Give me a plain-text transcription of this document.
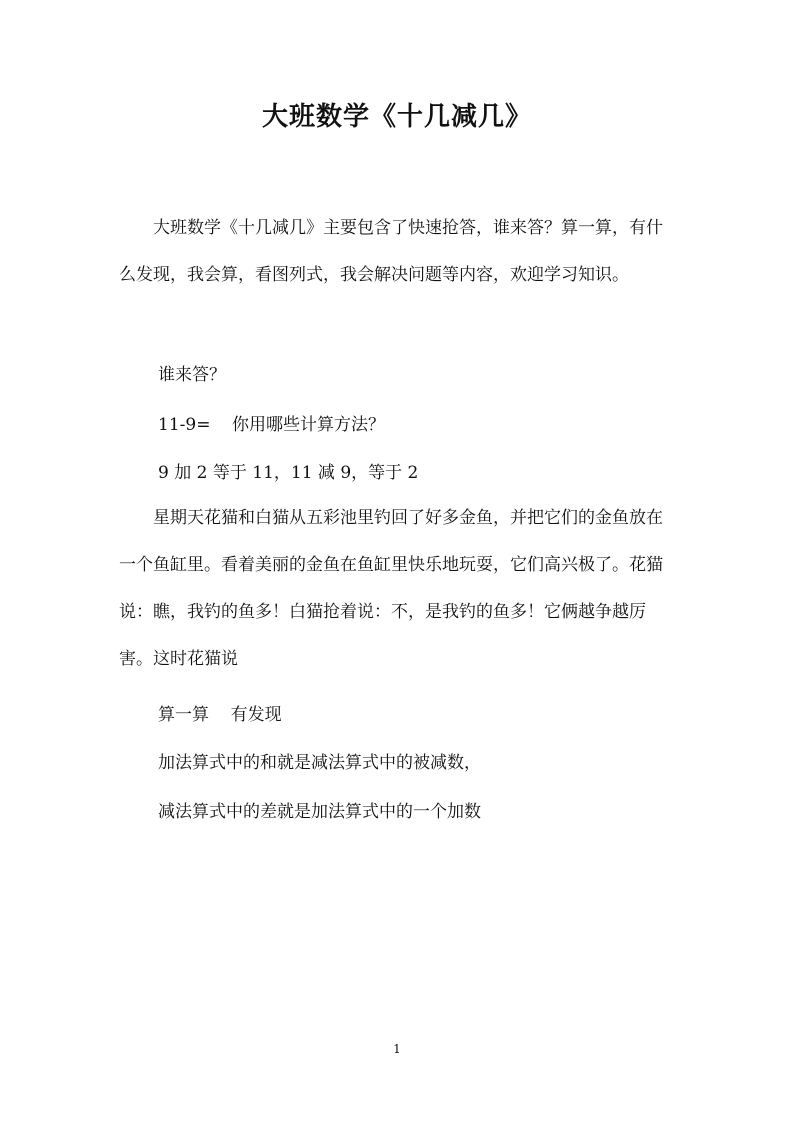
大班数学《十几减几》

大班数学《十几减几》主要包含了快速抢答，谁来答？算一算，有什么发现，我会算，看图列式，我会解决问题等内容，欢迎学习知识。

谁来答？
11-9=    你用哪些计算方法？
9 加 2 等于 11，11 减 9，等于 2

星期天花猫和白猫从五彩池里钓回了好多金鱼，并把它们的金鱼放在一个鱼缸里。看着美丽的金鱼在鱼缸里快乐地玩耍，它们高兴极了。花猫说：瞧，我钓的鱼多！白猫抢着说：不，是我钓的鱼多！它俩越争越厉害。这时花猫说

算一算    有发现
加法算式中的和就是减法算式中的被减数，
减法算式中的差就是加法算式中的一个加数
1
